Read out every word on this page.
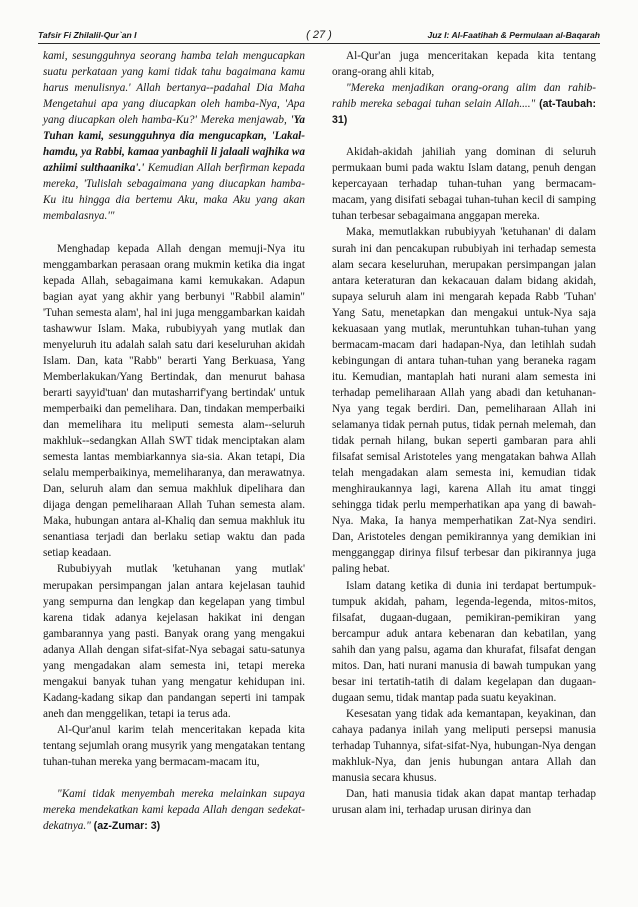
Tafsir Fi Zhilalil-Qur`an I	( 27 )	Juz I: Al-Faatihah & Permulaan al-Baqarah

kami, sesungguhnya seorang hamba telah mengucapkan suatu perkataan yang kami tidak tahu bagaimana kamu harus menulisnya.' Allah bertanya--padahal Dia Maha Mengetahui apa yang diucapkan oleh hamba-Nya, 'Apa yang diucapkan oleh hamba-Ku?' Mereka menjawab, 'Ya Tuhan kami, sesungguhnya dia mengucapkan, 'Lakal-hamdu, ya Rabbi, kamaa yanbaghii li jalaali wajhika wa azhiimi sulthaanika'.' Kemudian Allah berfirman kepada mereka, 'Tulislah sebagaimana yang diucapkan hamba-Ku itu hingga dia bertemu Aku, maka Aku yang akan membalasnya.'"

Menghadap kepada Allah dengan memuji-Nya itu menggambarkan perasaan orang mukmin ketika dia ingat kepada Allah, sebagaimana kami kemukakan. Adapun bagian ayat yang akhir yang berbunyi "Rabbil alamin" 'Tuhan semesta alam', hal ini juga menggambarkan kaidah tashawwur Islam. Maka, rububiyyah yang mutlak dan menyeluruh itu adalah salah satu dari keseluruhan akidah Islam. Dan, kata "Rabb" berarti Yang Berkuasa, Yang Memberlakukan/Yang Bertindak, dan menurut bahasa berarti sayyid'tuan' dan mutasharrif'yang bertindak' untuk memperbaiki dan pemelihara. Dan, tindakan memperbaiki dan memelihara itu meliputi semesta alam--seluruh makhluk--sedangkan Allah SWT tidak menciptakan alam semesta lantas membiarkannya sia-sia. Akan tetapi, Dia selalu memperbaikinya, memeliharanya, dan merawatnya. Dan, seluruh alam dan semua makhluk dipelihara dan dijaga dengan pemeliharaan Allah Tuhan semesta alam. Maka, hubungan antara al-Khaliq dan semua makhluk itu senantiasa terjadi dan berlaku setiap waktu dan pada setiap keadaan.

Rububiyyah mutlak 'ketuhanan yang mutlak' merupakan persimpangan jalan antara kejelasan tauhid yang sempurna dan lengkap dan kegelapan yang timbul karena tidak adanya kejelasan hakikat ini dengan gambarannya yang pasti. Banyak orang yang mengakui adanya Allah dengan sifat-sifat-Nya sebagai satu-satunya yang mengadakan alam semesta ini, tetapi mereka mengakui banyak tuhan yang mengatur kehidupan ini. Kadang-kadang sikap dan pandangan seperti ini tampak aneh dan menggelikan, tetapi ia terus ada.

Al-Qur'anul karim telah menceritakan kepada kita tentang sejumlah orang musyrik yang mengatakan tentang tuhan-tuhan mereka yang bermacam-macam itu,

"Kami tidak menyembah mereka melainkan supaya mereka mendekatkan kami kepada Allah dengan sedekat-dekatnya." (az-Zumar: 3)

Al-Qur'an juga menceritakan kepada kita tentang orang-orang ahli kitab,

"Mereka menjadikan orang-orang alim dan rahib-rahib mereka sebagai tuhan selain Allah...." (at-Taubah: 31)

Akidah-akidah jahiliah yang dominan di seluruh permukaan bumi pada waktu Islam datang, penuh dengan kepercayaan terhadap tuhan-tuhan yang bermacam-macam, yang disifati sebagai tuhan-tuhan kecil di samping tuhan terbesar sebagaimana anggapan mereka.

Maka, memutlakkan rububiyyah 'ketuhanan' di dalam surah ini dan pencakupan rububiyah ini terhadap semesta alam secara keseluruhan, merupakan persimpangan jalan antara keteraturan dan kekacauan dalam bidang akidah, supaya seluruh alam ini mengarah kepada Rabb 'Tuhan' Yang Satu, menetapkan dan mengakui untuk-Nya saja kekuasaan yang mutlak, meruntuhkan tuhan-tuhan yang bermacam-macam dari hadapan-Nya, dan letihlah sudah kebingungan di antara tuhan-tuhan yang beraneka ragam itu. Kemudian, mantaplah hati nurani alam semesta ini terhadap pemeliharaan Allah yang abadi dan ketuhanan-Nya yang tegak berdiri. Dan, pemeliharaan Allah ini selamanya tidak pernah putus, tidak pernah melemah, dan tidak pernah hilang, bukan seperti gambaran para ahli filsafat semisal Aristoteles yang mengatakan bahwa Allah telah mengadakan alam semesta ini, kemudian tidak menghiraukannya lagi, karena Allah itu amat tinggi sehingga tidak perlu memperhatikan apa yang di bawah-Nya. Maka, Ia hanya memperhatikan Zat-Nya sendiri. Dan, Aristoteles dengan pemikirannya yang demikian ini mengganggap dirinya filsuf terbesar dan pikirannya juga paling hebat.

Islam datang ketika di dunia ini terdapat bertumpuk-tumpuk akidah, paham, legenda-legenda, mitos-mitos, filsafat, dugaan-dugaan, pemikiran-pemikiran yang bercampur aduk antara kebenaran dan kebatilan, yang sahih dan yang palsu, agama dan khurafat, filsafat dengan mitos. Dan, hati nurani manusia di bawah tumpukan yang besar ini tertatih-tatih di dalam kegelapan dan dugaan-dugaan semu, tidak mantap pada suatu keyakinan.

Kesesatan yang tidak ada kemantapan, keyakinan, dan cahaya padanya inilah yang meliputi persepsi manusia terhadap Tuhannya, sifat-sifat-Nya, hubungan-Nya dengan makhluk-Nya, dan jenis hubungan antara Allah dan manusia secara khusus.

Dan, hati manusia tidak akan dapat mantap terhadap urusan alam ini, terhadap urusan dirinya dan
